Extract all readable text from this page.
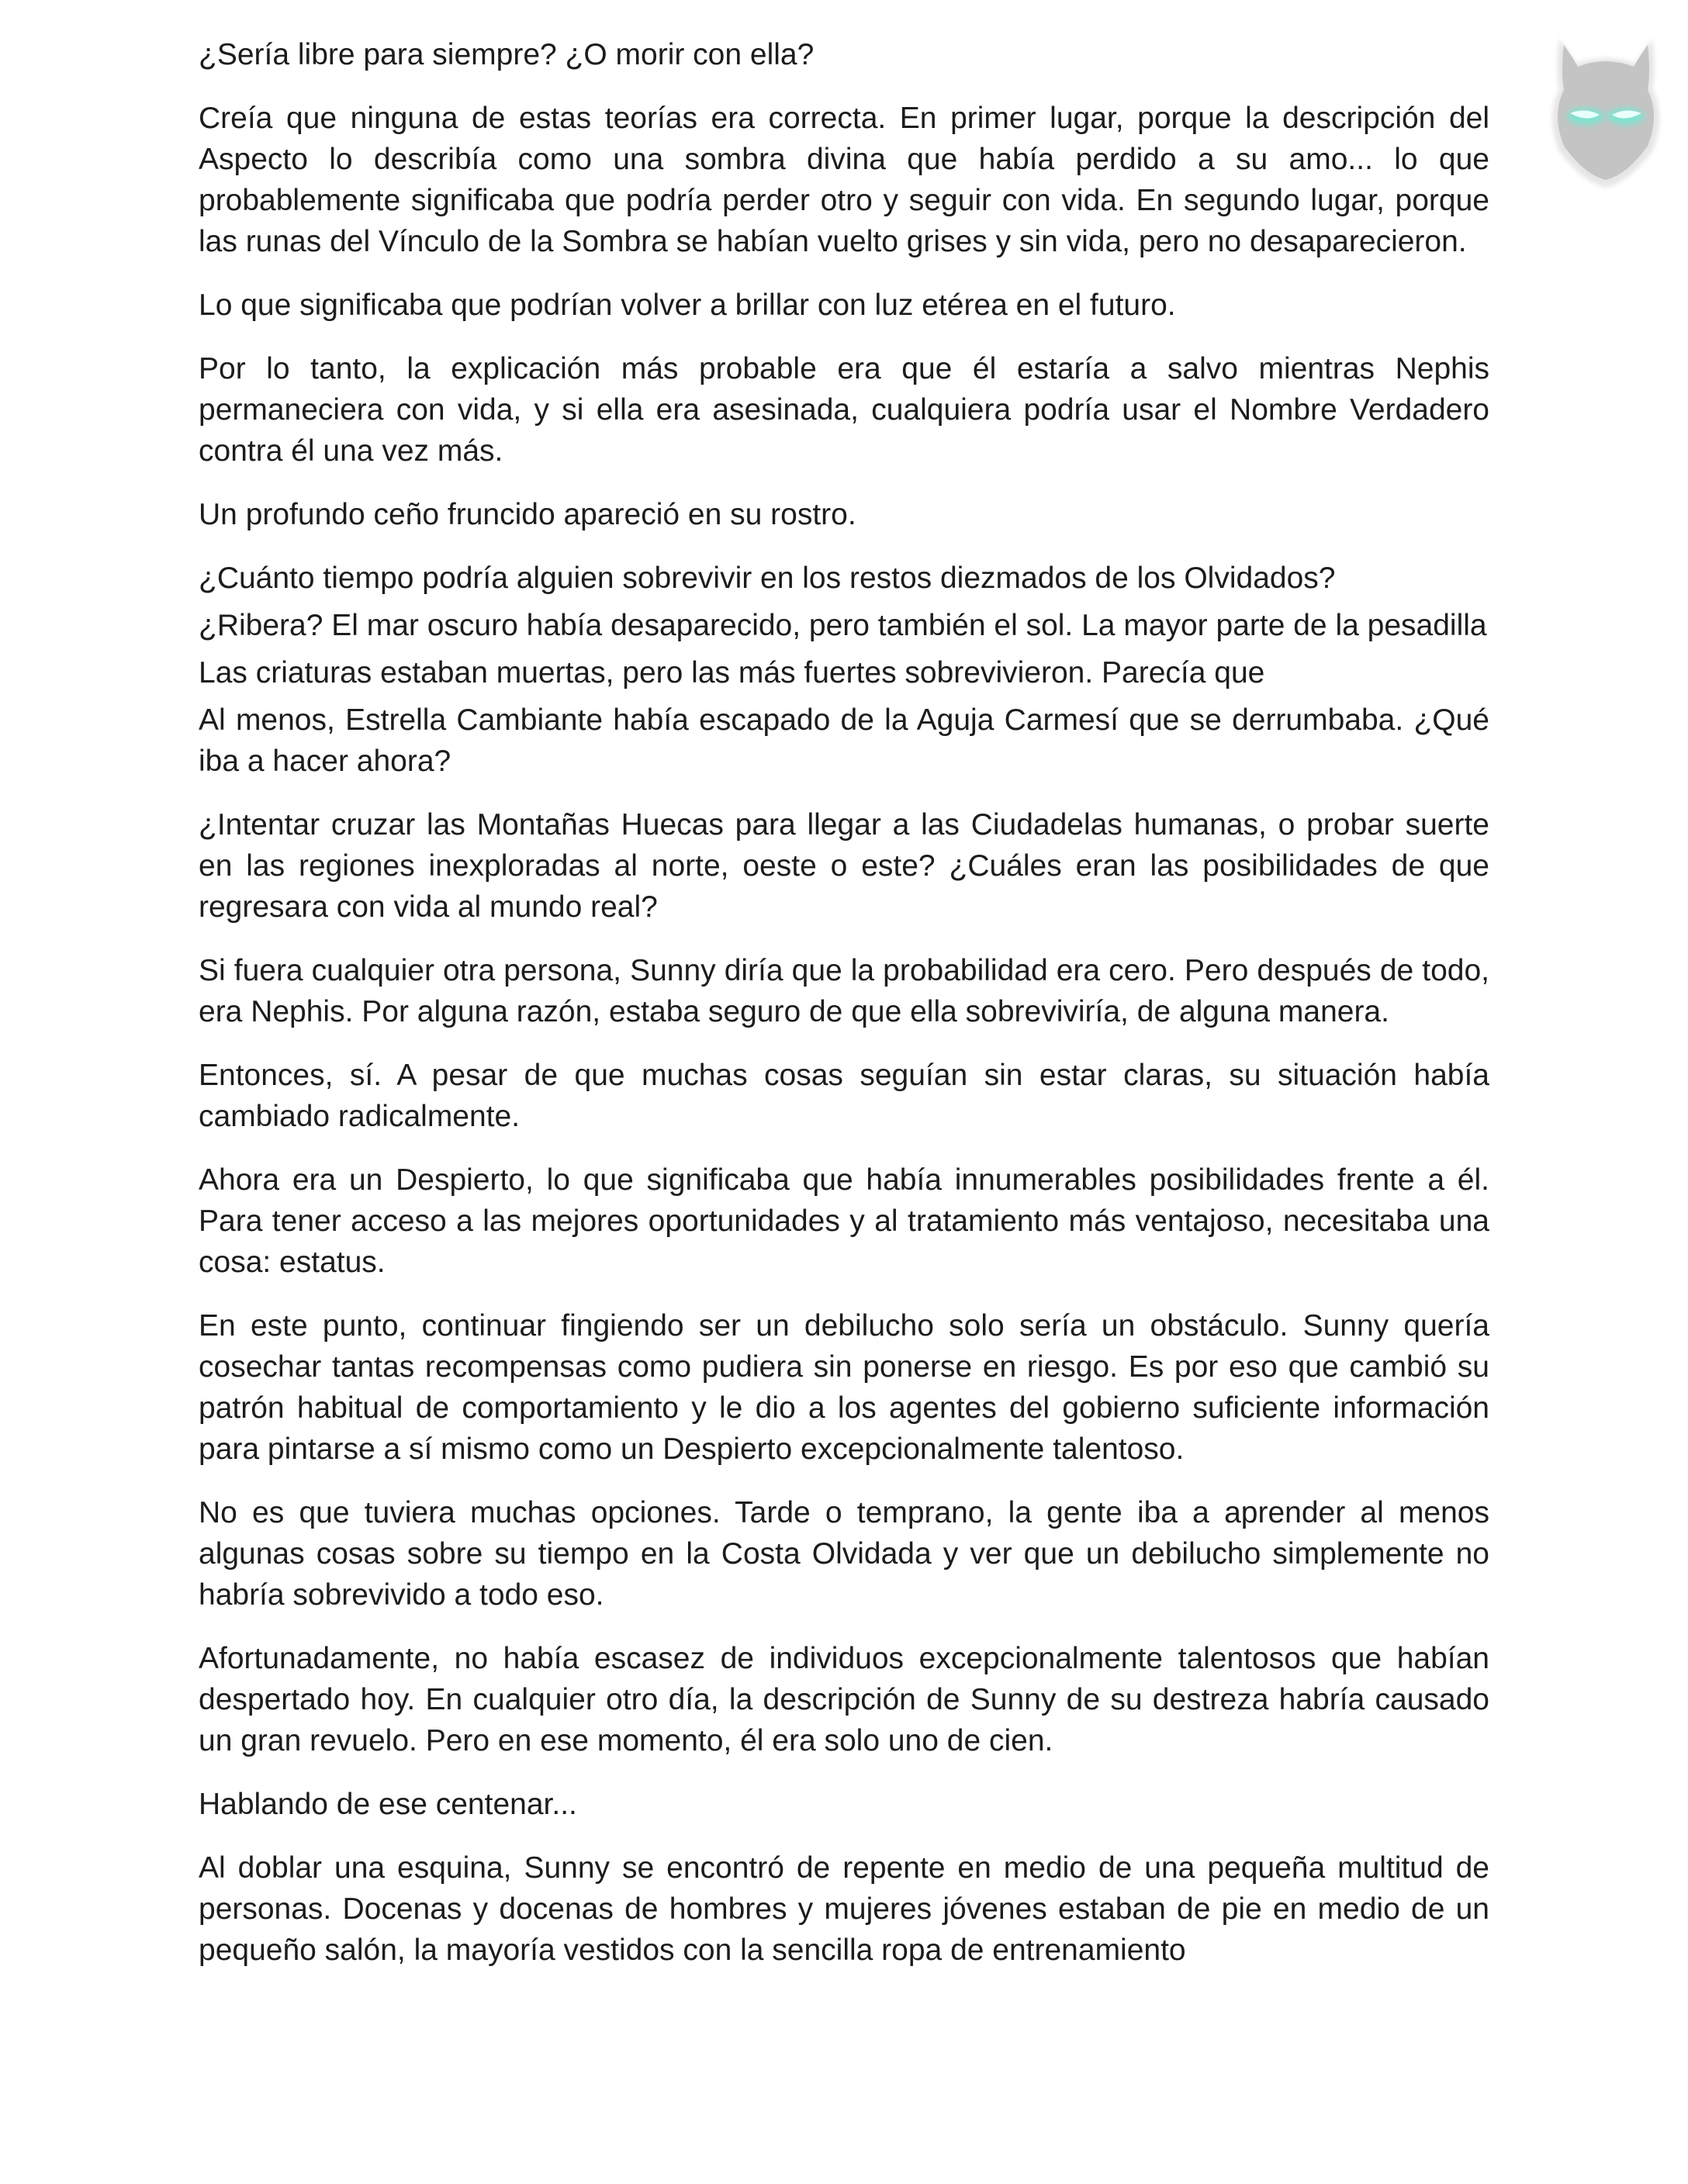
¿Sería libre para siempre? ¿O morir con ella?

Creía que ninguna de estas teorías era correcta. En primer lugar, porque la descripción del Aspecto lo describía como una sombra divina que había perdido a su amo... lo que probablemente significaba que podría perder otro y seguir con vida. En segundo lugar, porque las runas del Vínculo de la Sombra se habían vuelto grises y sin vida, pero no desaparecieron.

Lo que significaba que podrían volver a brillar con luz etérea en el futuro.

Por lo tanto, la explicación más probable era que él estaría a salvo mientras Nephis permaneciera con vida, y si ella era asesinada, cualquiera podría usar el Nombre Verdadero contra él una vez más.

Un profundo ceño fruncido apareció en su rostro.

¿Cuánto tiempo podría alguien sobrevivir en los restos diezmados de los Olvidados?

¿Ribera? El mar oscuro había desaparecido, pero también el sol. La mayor parte de la pesadilla

Las criaturas estaban muertas, pero las más fuertes sobrevivieron. Parecía que

Al menos, Estrella Cambiante había escapado de la Aguja Carmesí que se derrumbaba. ¿Qué iba a hacer ahora?

¿Intentar cruzar las Montañas Huecas para llegar a las Ciudadelas humanas, o probar suerte en las regiones inexploradas al norte, oeste o este? ¿Cuáles eran las posibilidades de que regresara con vida al mundo real?

Si fuera cualquier otra persona, Sunny diría que la probabilidad era cero. Pero después de todo, era Nephis. Por alguna razón, estaba seguro de que ella sobreviviría, de alguna manera.

Entonces, sí. A pesar de que muchas cosas seguían sin estar claras, su situación había cambiado radicalmente.

Ahora era un Despierto, lo que significaba que había innumerables posibilidades frente a él. Para tener acceso a las mejores oportunidades y al tratamiento más ventajoso, necesitaba una cosa: estatus.

En este punto, continuar fingiendo ser un debilucho solo sería un obstáculo. Sunny quería cosechar tantas recompensas como pudiera sin ponerse en riesgo. Es por eso que cambió su patrón habitual de comportamiento y le dio a los agentes del gobierno suficiente información para pintarse a sí mismo como un Despierto excepcionalmente talentoso.

No es que tuviera muchas opciones. Tarde o temprano, la gente iba a aprender al menos algunas cosas sobre su tiempo en la Costa Olvidada y ver que un debilucho simplemente no habría sobrevivido a todo eso.

Afortunadamente, no había escasez de individuos excepcionalmente talentosos que habían despertado hoy. En cualquier otro día, la descripción de Sunny de su destreza habría causado un gran revuelo. Pero en ese momento, él era solo uno de cien.

Hablando de ese centenar...

Al doblar una esquina, Sunny se encontró de repente en medio de una pequeña multitud de personas. Docenas y docenas de hombres y mujeres jóvenes estaban de pie en medio de un pequeño salón, la mayoría vestidos con la sencilla ropa de entrenamiento
